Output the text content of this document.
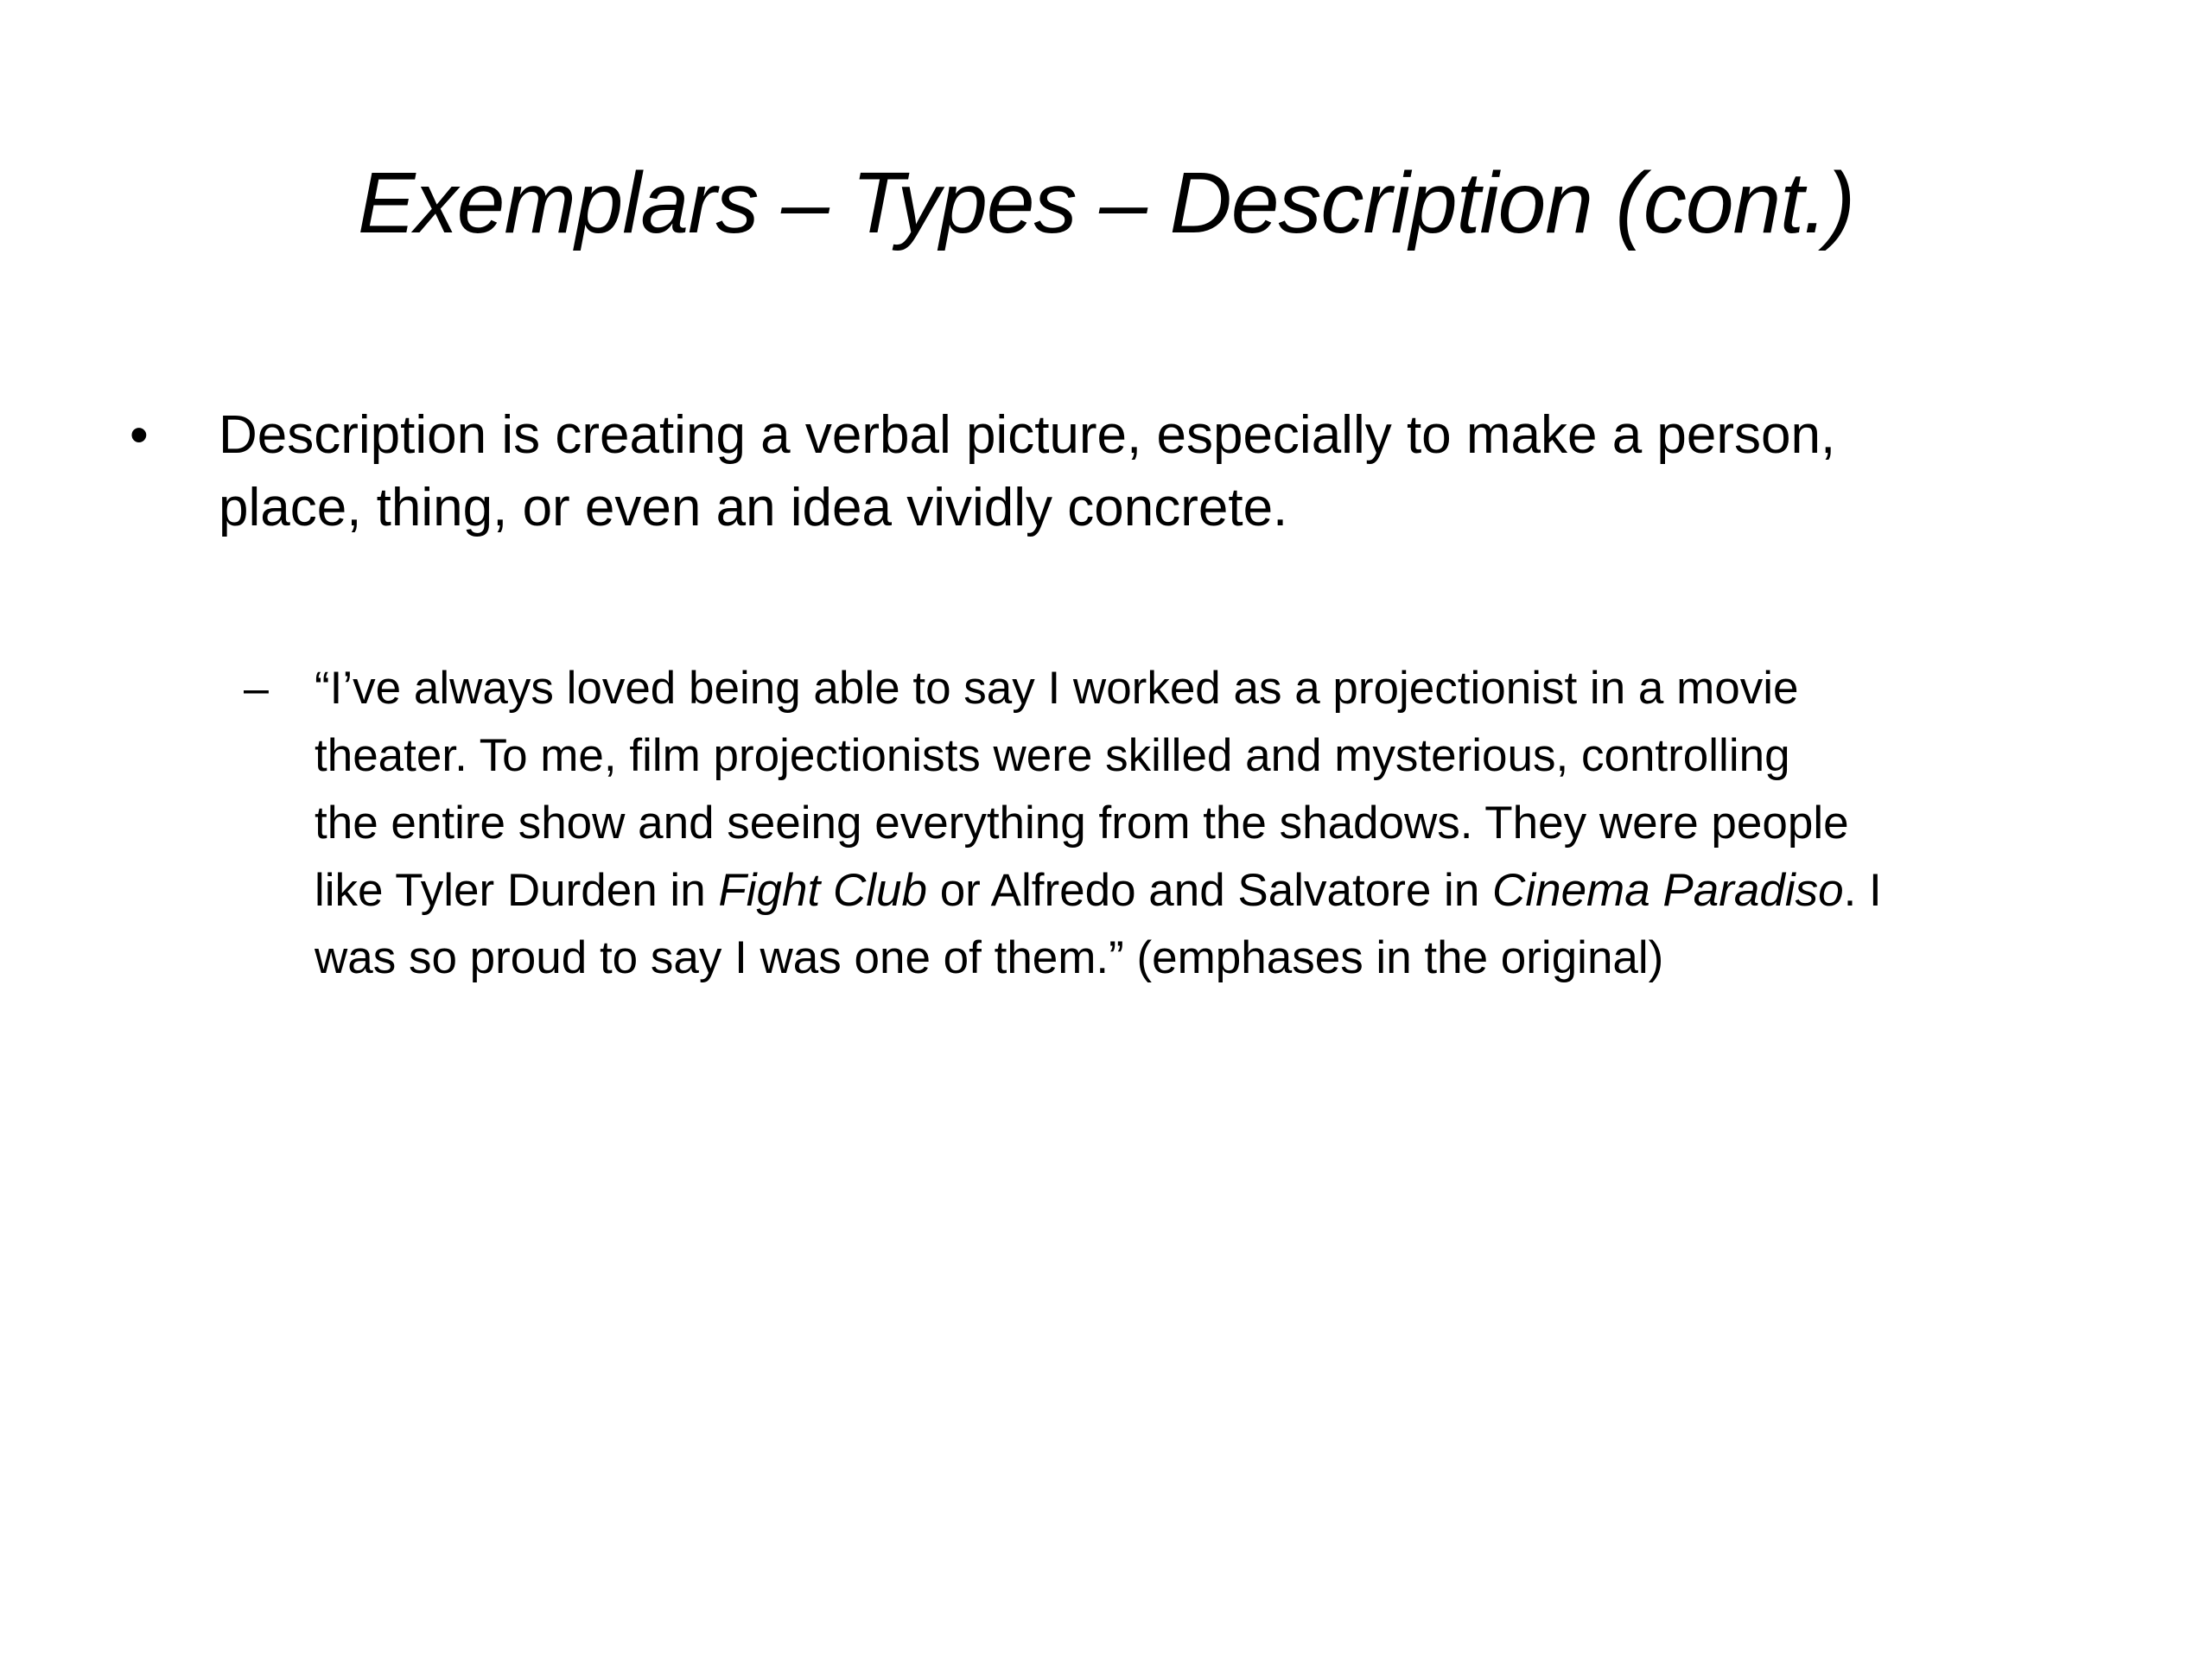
Exemplars – Types – Description (cont.)
• Description is creating a verbal picture, especially to make a person,
place, thing, or even an idea vividly concrete.

– “I’ve always loved being able to say I worked as a projectionist in a movie
theater. To me, film projectionists were skilled and mysterious, controlling
the entire show and seeing everything from the shadows. They were people
like Tyler Durden in Fight Club or Alfredo and Salvatore in Cinema Paradiso. I
was so proud to say I was one of them.” (emphases in the original)
